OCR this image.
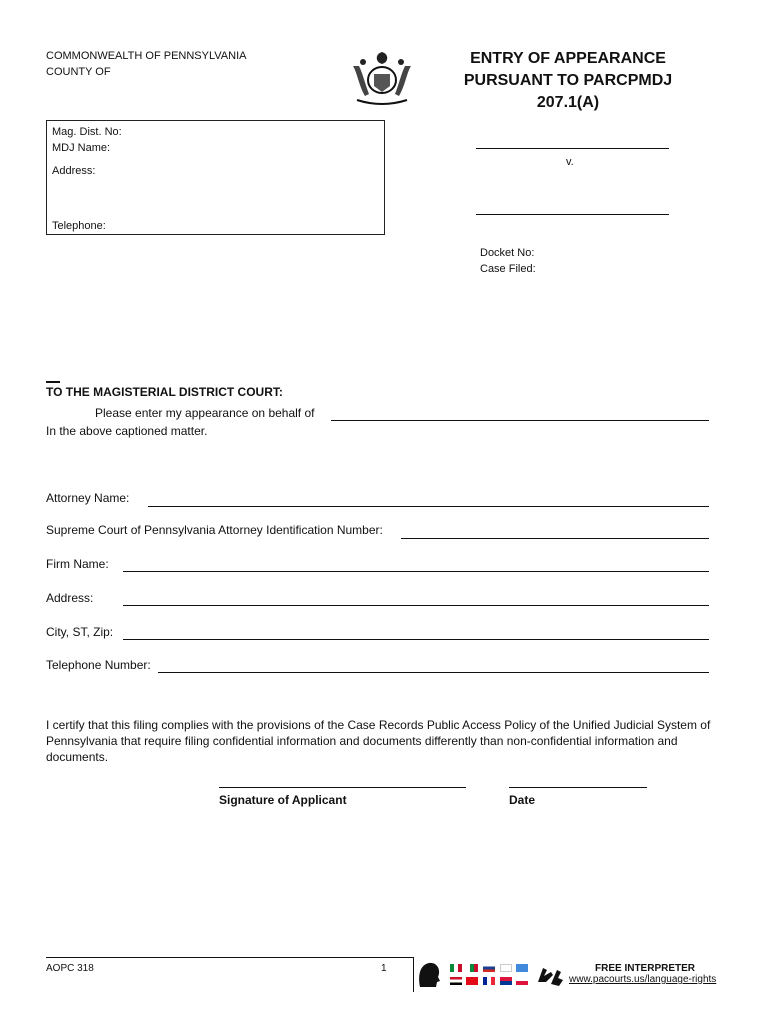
COMMONWEALTH OF PENNSYLVANIA
COUNTY OF
ENTRY OF APPEARANCE
PURSUANT TO PARCPMDJ
207.1(A)
Mag. Dist. No:
MDJ Name:
Address:
Telephone:
v.
Docket No:
Case Filed:
TO THE MAGISTERIAL DISTRICT COURT:
Please enter my appearance on behalf of
In the above captioned matter.
Attorney Name:
Supreme Court of Pennsylvania Attorney Identification Number:
Firm Name:
Address:
City, ST, Zip:
Telephone Number:
I certify that this filing complies with the provisions of the Case Records Public Access Policy of the Unified Judicial System of Pennsylvania that require filing confidential information and documents differently than non-confidential information and documents.
Signature of Applicant	Date
AOPC 318	1	FREE INTERPRETER
www.pacourts.us/language-rights
